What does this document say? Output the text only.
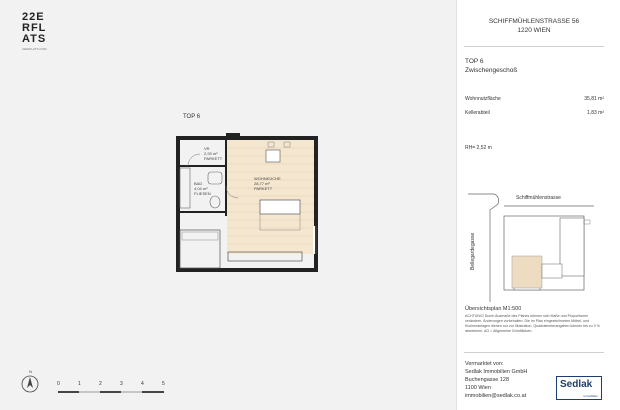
22E
RFL
ATS
22ERFLATS.COM
TOP 6
VR
2,93 m²
PARKETT
BAD
4,04 m²
FLIESEN
WOHNKÜCHE
28,77 m²
PARKETT
N
0	1	2	3	4	5
SCHIFFMÜHLENSTRASSE 56
1220 WIEN
TOP 6
Zwischengeschoß
Wohnnutzfläche	35,81 m²
Kellerabteil	1,83 m²
RH= 2,52 m
Schiffmühlenstrasse
Bellegardegasse
Übersichtsplan M1:500
ACHTUNG! Durch Ausmaße des Planes können sich Maße und Proportionen verändern. Änderungen vorbehalten. Die im Plan eingezeichneten Möbel- und Küchenanlagen dienen nur zur Illustration. Quadratmeterangaben können bis zu 3 % abweichen. AG = Allgemeine Grünflächen.
Vermarktet von:
Sedlak Immobilien GmbH
Buchengasse 128
1100 Wien
immobilien@sedlak.co.at
Sedlak
Immobilien
